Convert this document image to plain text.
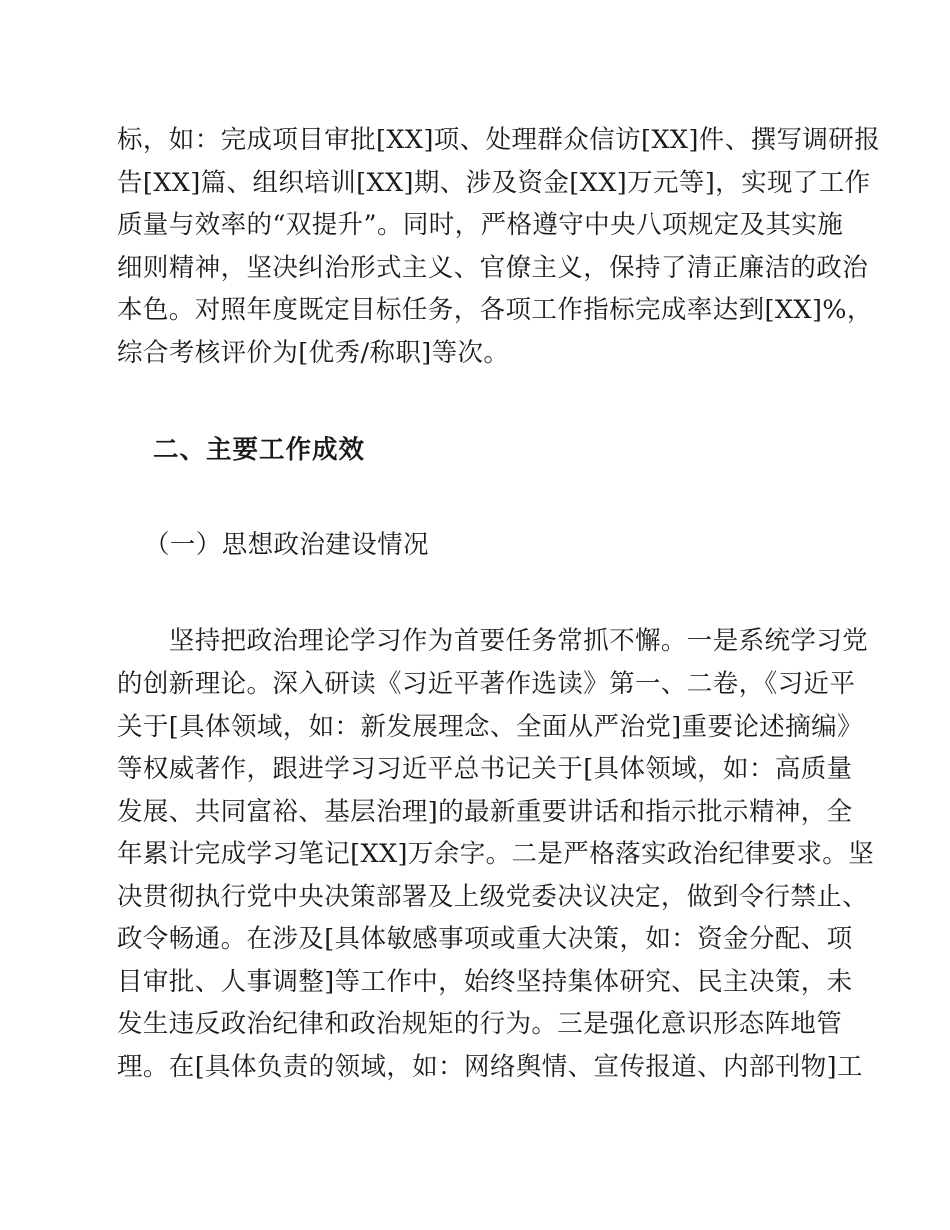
标，如：完成项目审批[XX]项、处理群众信访[XX]件、撰写调研报
告[XX]篇、组织培训[XX]期、涉及资金[XX]万元等]，实现了工作
质量与效率的“双提升”。同时，严格遵守中央八项规定及其实施
细则精神，坚决纠治形式主义、官僚主义，保持了清正廉洁的政治
本色。对照年度既定目标任务，各项工作指标完成率达到[XX]%，
综合考核评价为[优秀/称职]等次。
二、主要工作成效
（一）思想政治建设情况
　　坚持把政治理论学习作为首要任务常抓不懈。一是系统学习党
的创新理论。深入研读《习近平著作选读》第一、二卷，《习近平
关于[具体领域，如：新发展理念、全面从严治党]重要论述摘编》
等权威著作，跟进学习习近平总书记关于[具体领域，如：高质量
发展、共同富裕、基层治理]的最新重要讲话和指示批示精神，全
年累计完成学习笔记[XX]万余字。二是严格落实政治纪律要求。坚
决贯彻执行党中央决策部署及上级党委决议决定，做到令行禁止、
政令畅通。在涉及[具体敏感事项或重大决策，如：资金分配、项
目审批、人事调整]等工作中，始终坚持集体研究、民主决策，未
发生违反政治纪律和政治规矩的行为。三是强化意识形态阵地管
理。在[具体负责的领域，如：网络舆情、宣传报道、内部刊物]工
